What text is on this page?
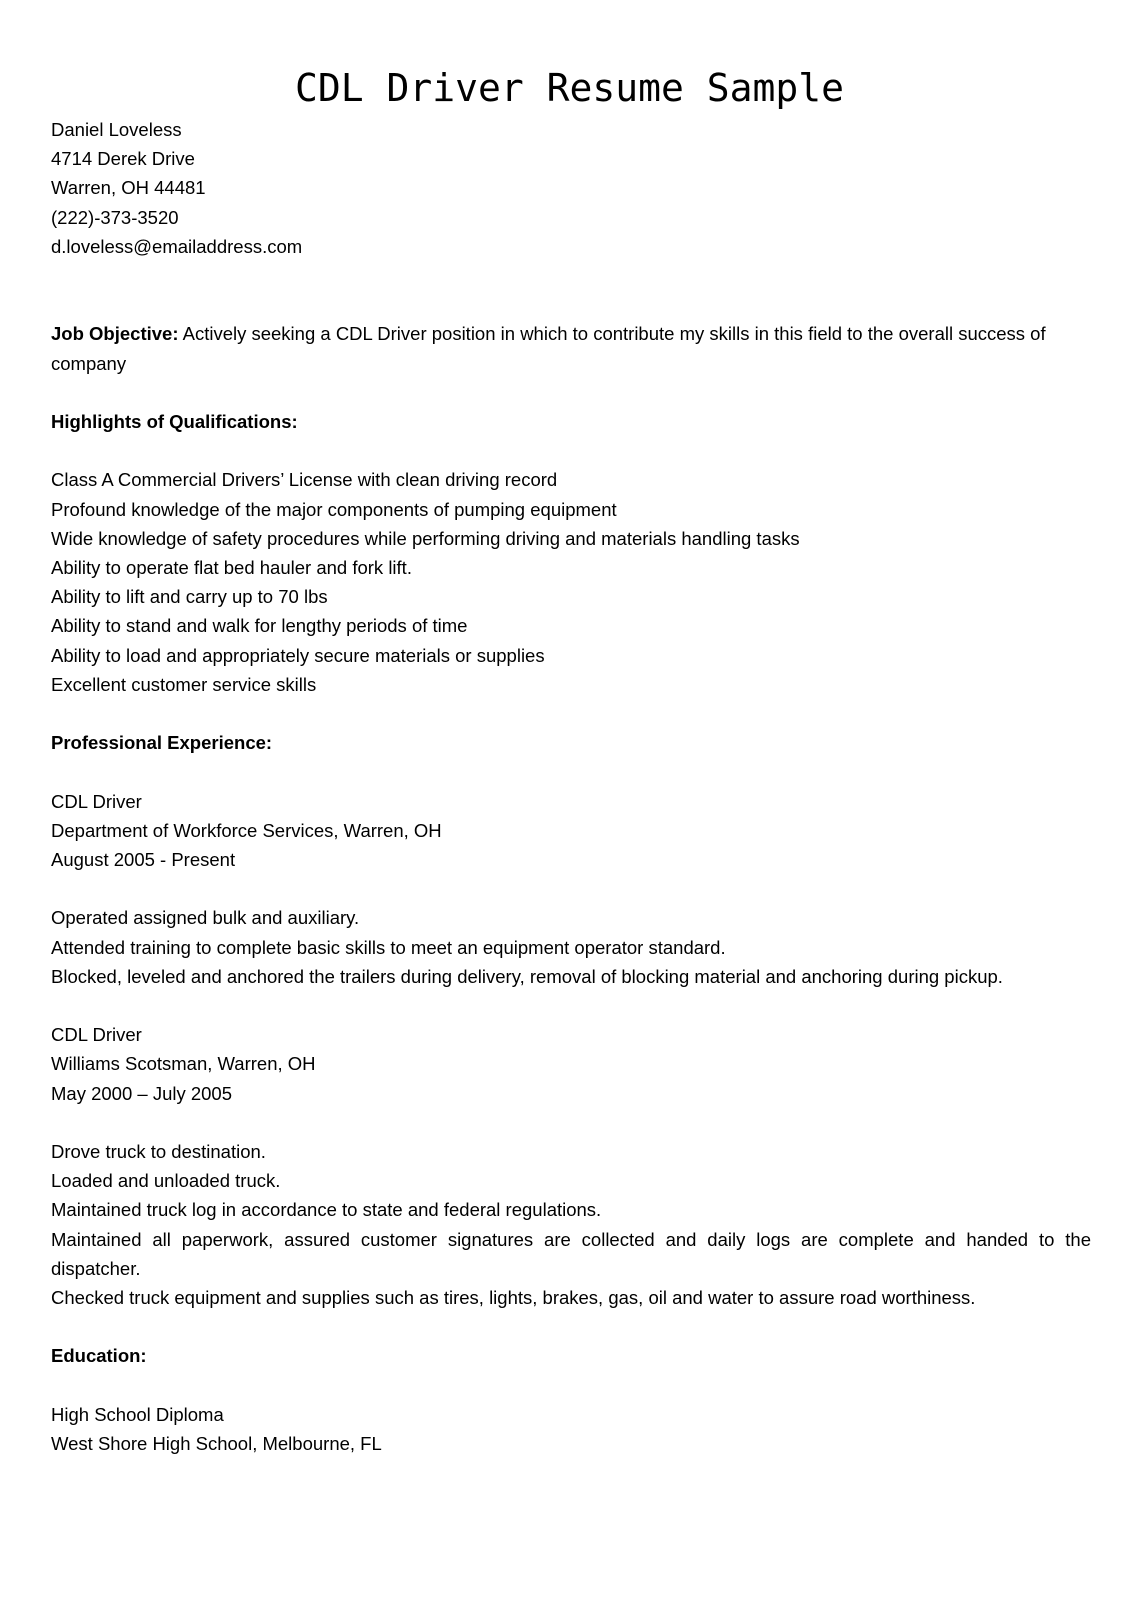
CDL Driver Resume Sample
Daniel Loveless
4714 Derek Drive
Warren, OH 44481
(222)-373-3520
d.loveless@emailaddress.com

Job Objective: Actively seeking a CDL Driver position in which to contribute my skills in this field to the overall success of company

Highlights of Qualifications:
Class A Commercial Drivers’ License with clean driving record
Profound knowledge of the major components of pumping equipment
Wide knowledge of safety procedures while performing driving and materials handling tasks
Ability to operate flat bed hauler and fork lift.
Ability to lift and carry up to 70 lbs
Ability to stand and walk for lengthy periods of time
Ability to load and appropriately secure materials or supplies
Excellent customer service skills
Professional Experience:
CDL Driver
Department of Workforce Services, Warren, OH
August 2005 - Present
Operated assigned bulk and auxiliary.
Attended training to complete basic skills to meet an equipment operator standard.
Blocked, leveled and anchored the trailers during delivery, removal of blocking material and anchoring during pickup.
CDL Driver
Williams Scotsman, Warren, OH
May 2000 – July 2005
Drove truck to destination.
Loaded and unloaded truck.
Maintained truck log in accordance to state and federal regulations.
Maintained all paperwork, assured customer signatures are collected and daily logs are complete and handed to the dispatcher.
Checked truck equipment and supplies such as tires, lights, brakes, gas, oil and water to assure road worthiness.
Education:
High School Diploma
West Shore High School, Melbourne, FL
